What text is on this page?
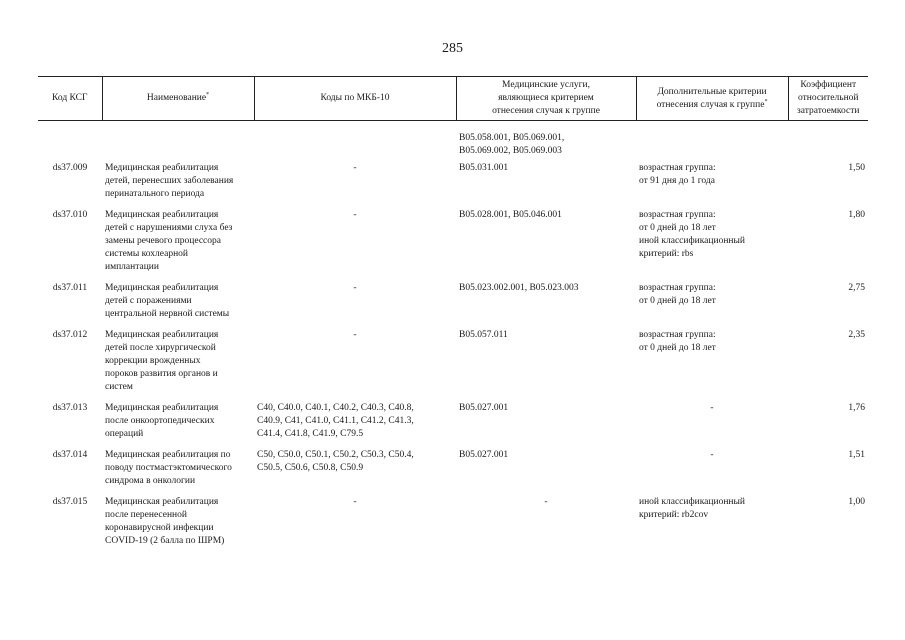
285
Код КСГ	Наименование*	Коды по МКБ-10	Медицинские услуги,
являющиеся критерием
отнесения случая к группе	Дополнительные критерии
отнесения случая к группе*	Коэффициент
относительной
затратоемкости
			B05.058.001, B05.069.001,
B05.069.002, B05.069.003		
ds37.009	Медицинская реабилитация
детей, перенесших заболевания
перинатального периода	-	B05.031.001	возрастная группа:
от 91 дня до 1 года	1,50
ds37.010	Медицинская реабилитация
детей с нарушениями слуха без
замены речевого процессора
системы кохлеарной
имплантации	-	B05.028.001, B05.046.001	возрастная группа:
от 0 дней до 18 лет
иной классификационный
критерий: rbs	1,80
ds37.011	Медицинская реабилитация
детей с поражениями
центральной нервной системы	-	B05.023.002.001, B05.023.003	возрастная группа:
от 0 дней до 18 лет	2,75
ds37.012	Медицинская реабилитация
детей после хирургической
коррекции врожденных
пороков развития органов и
систем	-	B05.057.011	возрастная группа:
от 0 дней до 18 лет	2,35
ds37.013	Медицинская реабилитация
после онкоортопедических
операций	C40, C40.0, C40.1, C40.2, C40.3, C40.8,
C40.9, C41, C41.0, C41.1, C41.2, C41.3,
C41.4, C41.8, C41.9, C79.5	B05.027.001	-	1,76
ds37.014	Медицинская реабилитация по
поводу постмастэктомического
синдрома в онкологии	C50, C50.0, C50.1, C50.2, C50.3, C50.4,
C50.5, C50.6, C50.8, C50.9	B05.027.001	-	1,51
ds37.015	Медицинская реабилитация
после перенесенной
коронавирусной инфекции
COVID-19 (2 балла по ШРМ)	-	-	иной классификационный
критерий: rb2cov	1,00
